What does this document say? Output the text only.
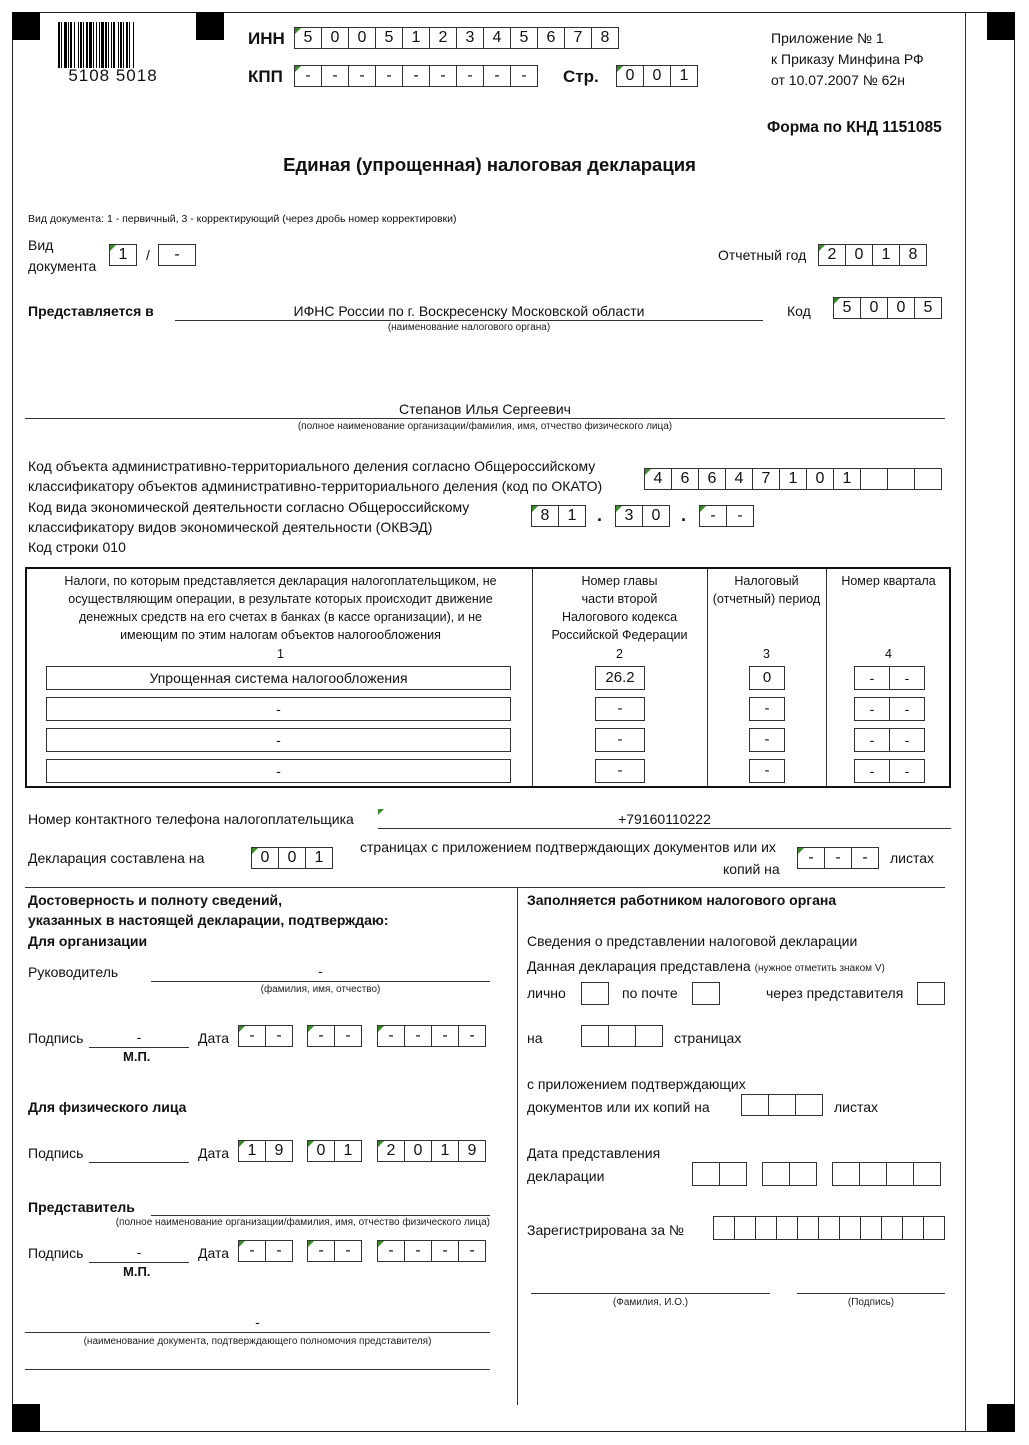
5108 5018
ИНН	5	0	0	5	1	2	3	4	5	6	7	8
КПП	-	-	-	-	-	-	-	-	-	Стр.	0	0	1
Приложение № 1
к Приказу Минфина РФ
от 10.07.2007 № 62н
Форма по КНД 1151085
Единая (упрощенная) налоговая декларация
Вид документа: 1 - первичный, 3 - корректирующий (через дробь номер корректировки)
Вид
документа
1	/	-	Отчетный год	2	0	1	8
Представляется в	ИФНС России по г. Воскресенску Московской области
(наименование налогового органа)
Код	5	0	0	5
Степанов Илья Сергеевич
(полное наименование организации/фамилия, имя, отчество физического лица)
Код объекта административно-территориального деления согласно Общероссийскому
классификатору объектов административно-территориального деления (код по ОКАТО)	4	6	6	4	7	1	0	1
Код вида экономической деятельности согласно Общероссийскому
классификатору видов экономической деятельности (ОКВЭД)
8	1	.	3	0	.	-	-
Код строки 010
Налоги, по которым представляется декларация налогоплательщиком, не
осуществляющим операции, в результате которых происходит движение
денежных средств на его счетах в банках (в кассе организации), и не
имеющим по этим налогам объектов налогообложения
Номер главы
части второй
Налогового кодекса
Российской Федерации
Налоговый
(отчетный) период
Номер квартала
1	2	3	4
Упрощенная система налогообложения	26.2	0	-	-
-	-	-	-	-
-	-	-	-	-
-	-	-	-	-
Номер контактного телефона налогоплательщика	+79160110222
Декларация составлена на	0	0	1
страницах с приложением подтверждающих документов или их
копий на
-	-	-	листах
Достоверность и полноту сведений,
указанных в настоящей декларации, подтверждаю:
Для организации
Руководитель	-
(фамилия, имя, отчество)
Подпись	-
М.П.
Дата	-	-	-	-	-	-	-	-
Для физического лица
Подпись	Дата	1	9	0	1	2	0	1	9
Представитель
(полное наименование организации/фамилия, имя, отчество физического лица)
Подпись	-
М.П.
Дата	-	-	-	-	-	-	-	-
-
(наименование документа, подтверждающего полномочия представителя)
Заполняется работником налогового органа
Сведения о представлении налоговой декларации
Данная декларация представлена (нужное отметить знаком V)
лично	по почте	через представителя
на	страницах
с приложением подтверждающих
документов или их копий на	листах
Дата представления
декларации
Зарегистрирована за №
(Фамилия, И.О.)	(Подпись)
